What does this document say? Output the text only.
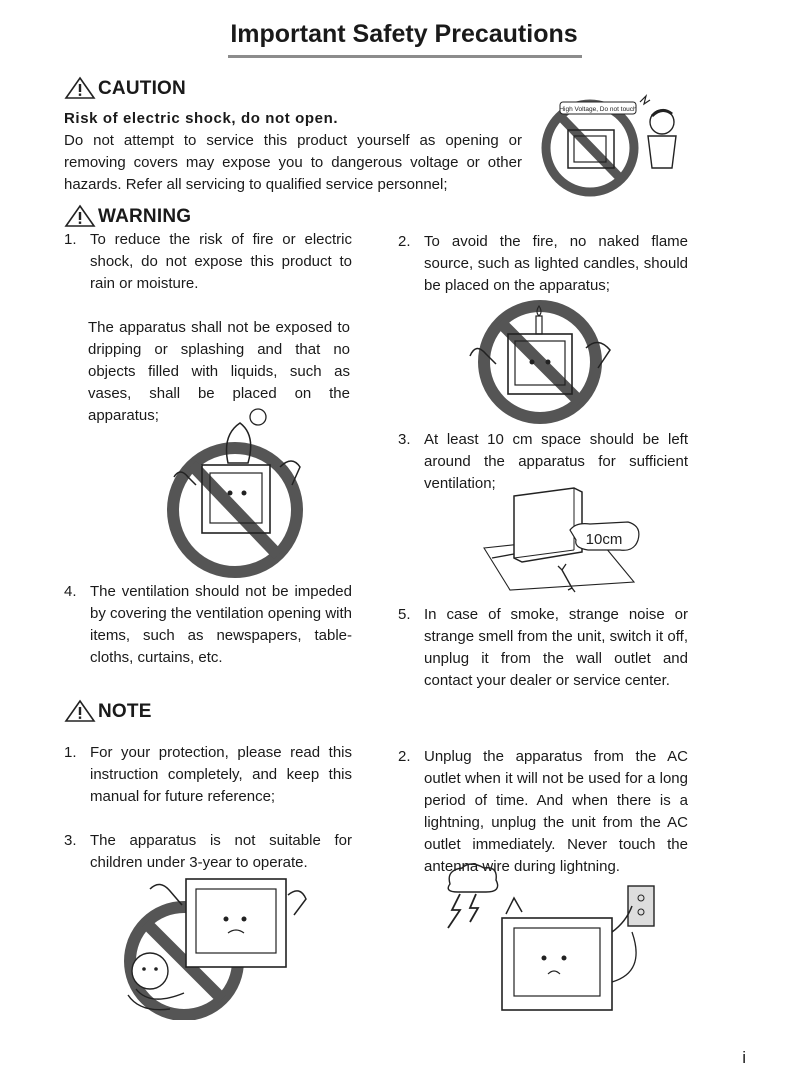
Important Safety Precautions
CAUTION
Risk of electric shock, do not open.
Do not attempt to service this product yourself as opening or removing covers may expose you to dangerous voltage or other hazards. Refer all servicing to qualified service personnel;
High Voltage, Do not touch
WARNING
1. To reduce the risk of fire or electric shock, do not expose this product to rain or moisture.
The apparatus shall not be exposed to dripping or splashing and that no objects filled with liquids, such as vases, shall be placed on the apparatus;
4. The ventilation should not be impeded by covering the ventilation opening with items, such as newspapers, table-cloths, curtains, etc.
2. To avoid the fire, no naked flame source, such as lighted candles, should be placed on the apparatus;
3. At least 10 cm space should be left around the apparatus for sufficient ventilation;
10cm
5. In case of smoke, strange noise or strange smell from the unit, switch it off, unplug it from the wall outlet and contact your dealer or service center.
NOTE
1. For your protection, please read this instruction completely, and keep this manual for future reference;
3. The apparatus is not suitable for children under 3-year to operate.
2. Unplug the apparatus from the AC outlet when it will not be used for a long period of time. And when there is a lightning, unplug the unit from the AC outlet immediately. Never touch the antenna wire during lightning.
i
